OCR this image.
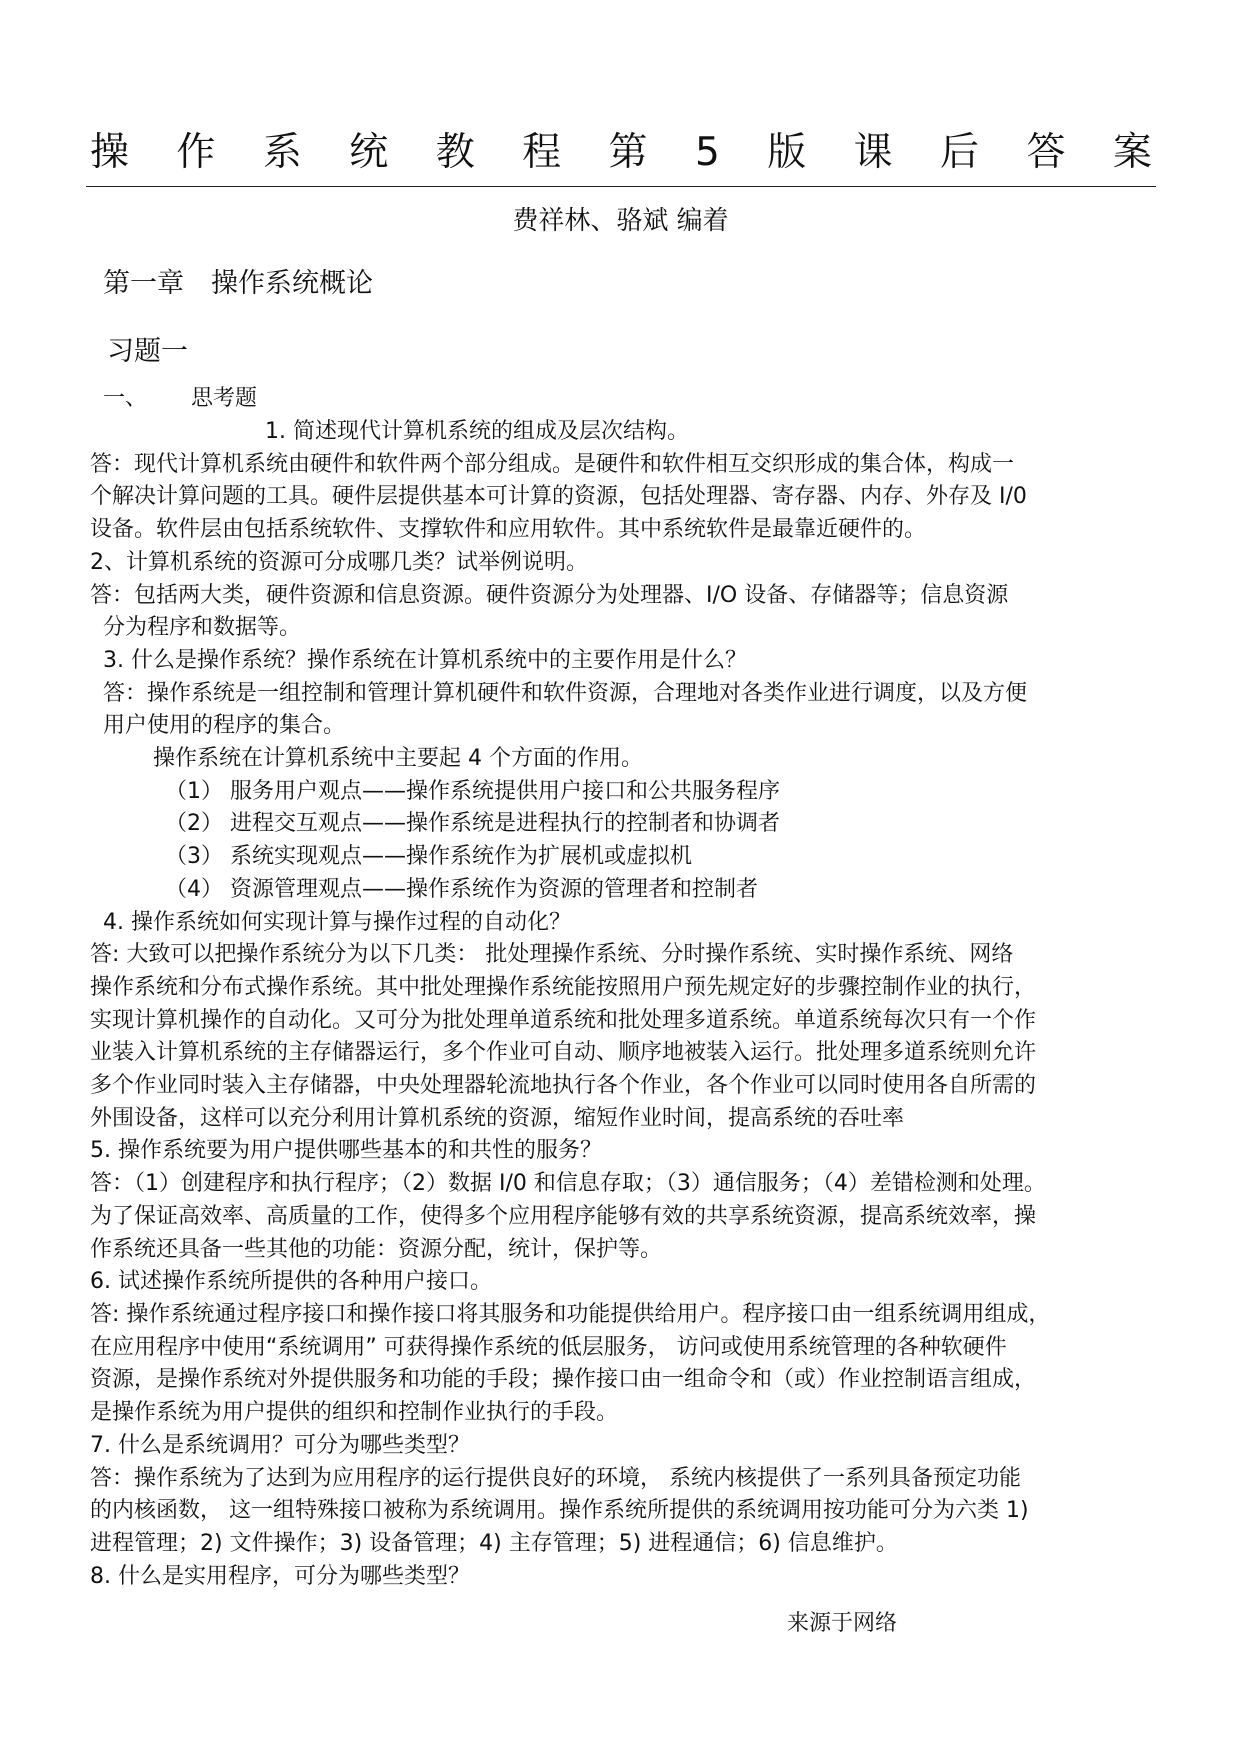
操 作 系 统 教 程 第 5 版 课 后 答 案
费祥林、骆斌 编着
第一章　操作系统概论
习题一
一、 思考题

1. 简述现代计算机系统的组成及层次结构。

答：现代计算机系统由硬件和软件两个部分组成。是硬件和软件相互交织形成的集合体，构成一

个解决计算问题的工具。硬件层提供基本可计算的资源，包括处理器、寄存器、内存、外存及 I/0

设备。软件层由包括系统软件、支撑软件和应用软件。其中系统软件是最靠近硬件的。

2、计算机系统的资源可分成哪几类？试举例说明。

答：包括两大类，硬件资源和信息资源。硬件资源分为处理器、I/O 设备、存储器等；信息资源

分为程序和数据等。

3. 什么是操作系统？操作系统在计算机系统中的主要作用是什么？

答：操作系统是一组控制和管理计算机硬件和软件资源，合理地对各类作业进行调度，以及方便

用户使用的程序的集合。

操作系统在计算机系统中主要起 4 个方面的作用。

（1） 服务用户观点——操作系统提供用户接口和公共服务程序

（2） 进程交互观点——操作系统是进程执行的控制者和协调者

（3） 系统实现观点——操作系统作为扩展机或虚拟机

（4） 资源管理观点——操作系统作为资源的管理者和控制者

4. 操作系统如何实现计算与操作过程的自动化？

答: 大致可以把操作系统分为以下几类： 批处理操作系统、分时操作系统、实时操作系统、网络

操作系统和分布式操作系统。其中批处理操作系统能按照用户预先规定好的步骤控制作业的执行，

实现计算机操作的自动化。又可分为批处理单道系统和批处理多道系统。单道系统每次只有一个作

业装入计算机系统的主存储器运行，多个作业可自动、顺序地被装入运行。批处理多道系统则允许

多个作业同时装入主存储器，中央处理器轮流地执行各个作业，各个作业可以同时使用各自所需的

外围设备，这样可以充分利用计算机系统的资源，缩短作业时间，提高系统的吞吐率

5. 操作系统要为用户提供哪些基本的和共性的服务？

答：（1）创建程序和执行程序；（2）数据 I/0 和信息存取；（3）通信服务；（4）差错检测和处理。

为了保证高效率、高质量的工作，使得多个应用程序能够有效的共享系统资源，提高系统效率，操

作系统还具备一些其他的功能：资源分配，统计，保护等。

6. 试述操作系统所提供的各种用户接口。

答: 操作系统通过程序接口和操作接口将其服务和功能提供给用户。程序接口由一组系统调用组成，

在应用程序中使用“系统调用” 可获得操作系统的低层服务， 访问或使用系统管理的各种软硬件

资源，是操作系统对外提供服务和功能的手段；操作接口由一组命令和（或）作业控制语言组成，

是操作系统为用户提供的组织和控制作业执行的手段。

7. 什么是系统调用？可分为哪些类型？

答：操作系统为了达到为应用程序的运行提供良好的环境， 系统内核提供了一系列具备预定功能

的内核函数， 这一组特殊接口被称为系统调用。操作系统所提供的系统调用按功能可分为六类 1)

进程管理；2) 文件操作；3) 设备管理；4) 主存管理；5) 进程通信；6) 信息维护。

8. 什么是实用程序，可分为哪些类型？

来源于网络
